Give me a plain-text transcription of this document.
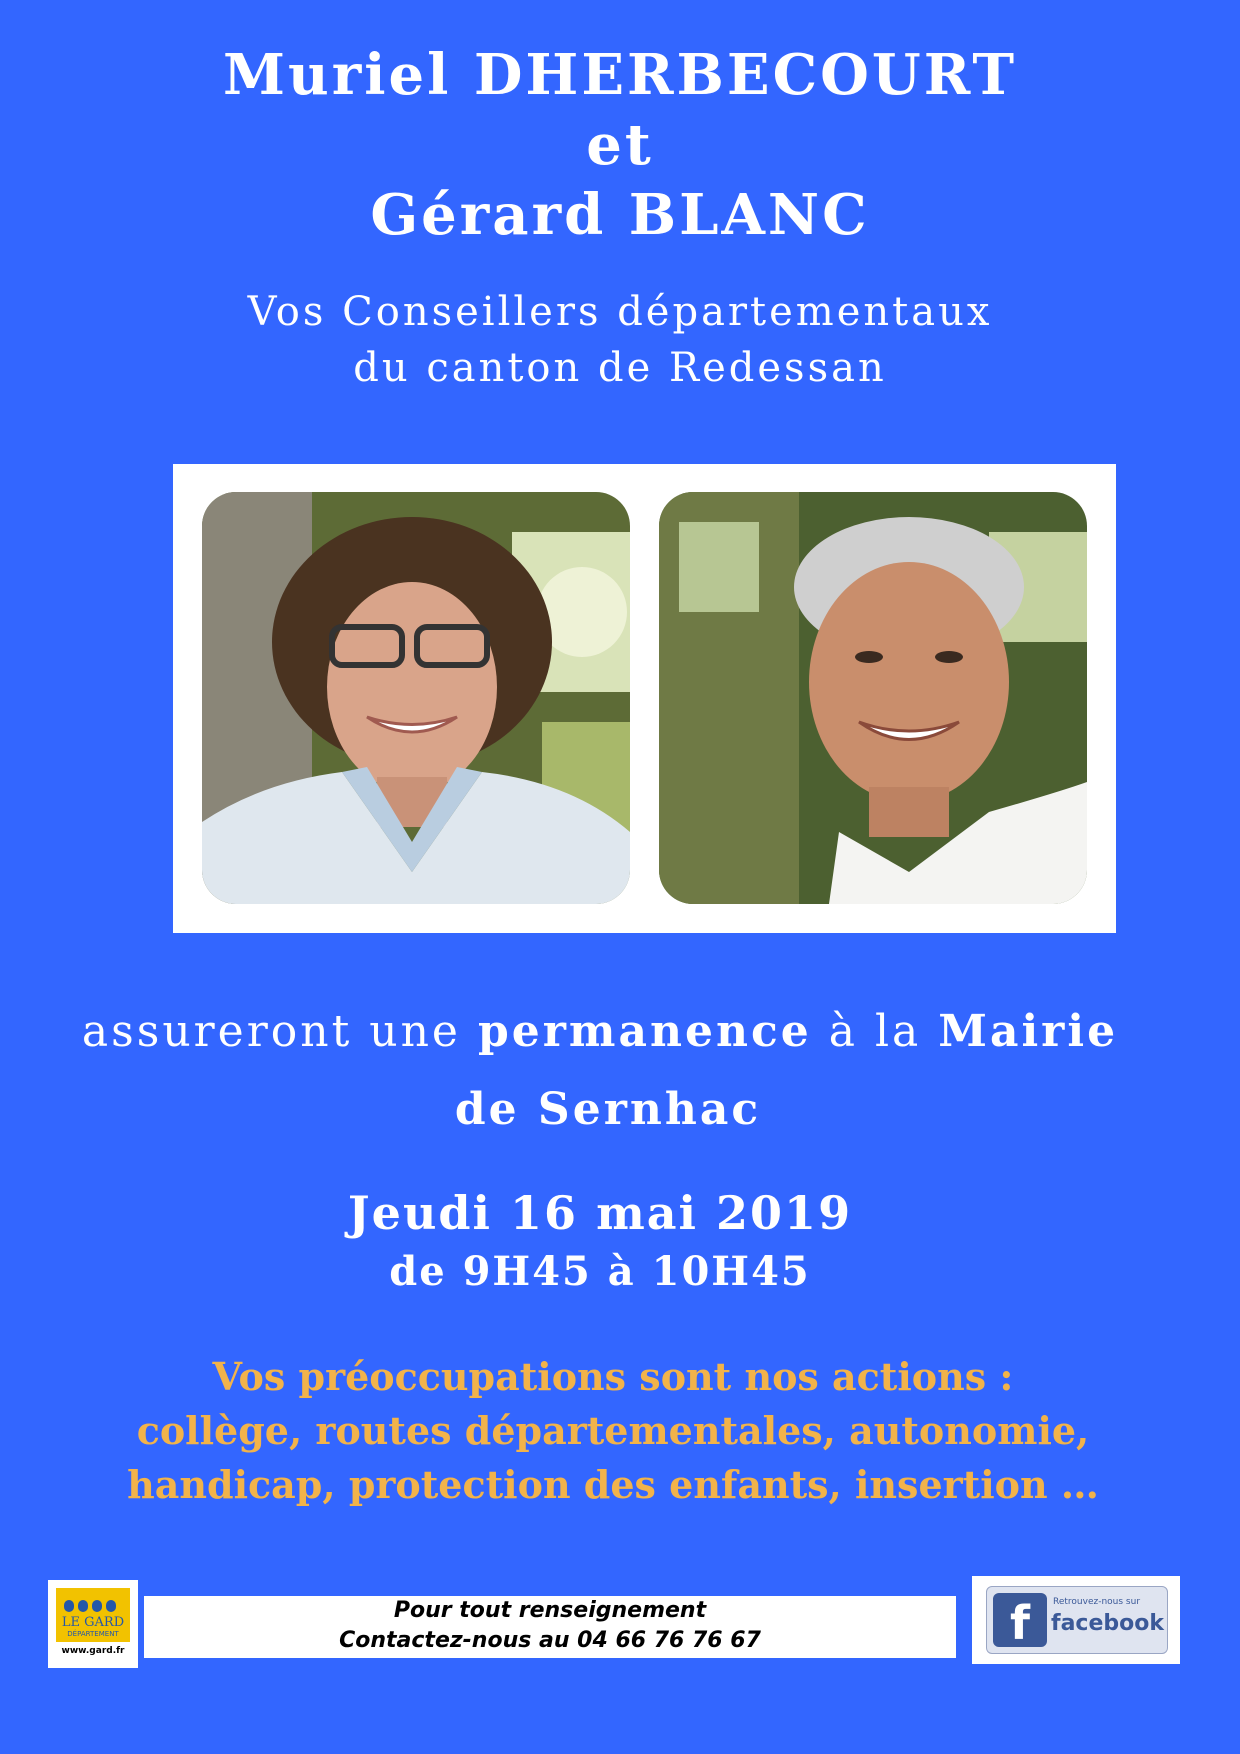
Muriel DHERBECOURT
et
Gérard BLANC
Vos Conseillers départementaux
du canton de Redessan
assureront une permanence à la Mairie
de Sernhac
Jeudi 16 mai 2019
de 9H45 à 10H45
Vos préoccupations sont nos actions :
collège, routes départementales, autonomie,
handicap, protection des enfants, insertion …
LE GARD
DÉPARTEMENT
www.gard.fr
Pour tout renseignement
Contactez-nous au 04 66 76 76 67	f	Retrouvez-nous sur
facebook
